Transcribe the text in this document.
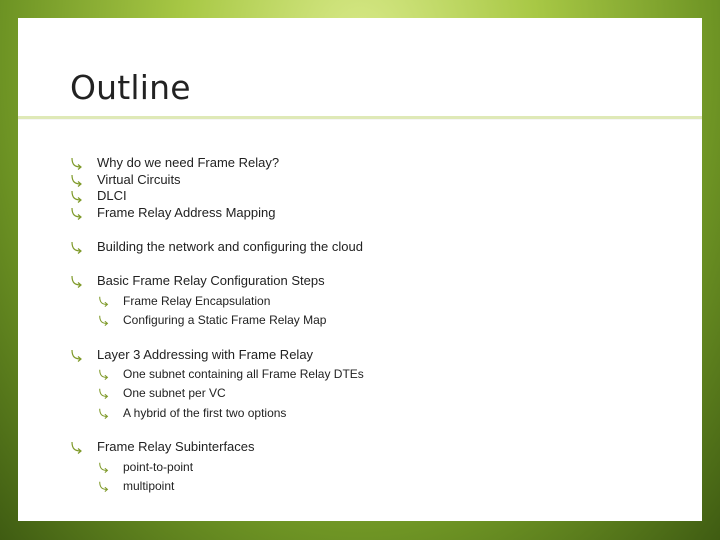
Outline
Why do we need Frame Relay?
Virtual Circuits
DLCI
Frame Relay Address Mapping
Building the network and configuring the cloud
Basic Frame Relay Configuration Steps
Frame Relay Encapsulation
Configuring a Static Frame Relay Map
Layer 3 Addressing with Frame Relay
One subnet containing all Frame Relay DTEs
One subnet per VC
A hybrid of the first two options
Frame Relay Subinterfaces
point-to-point
multipoint
